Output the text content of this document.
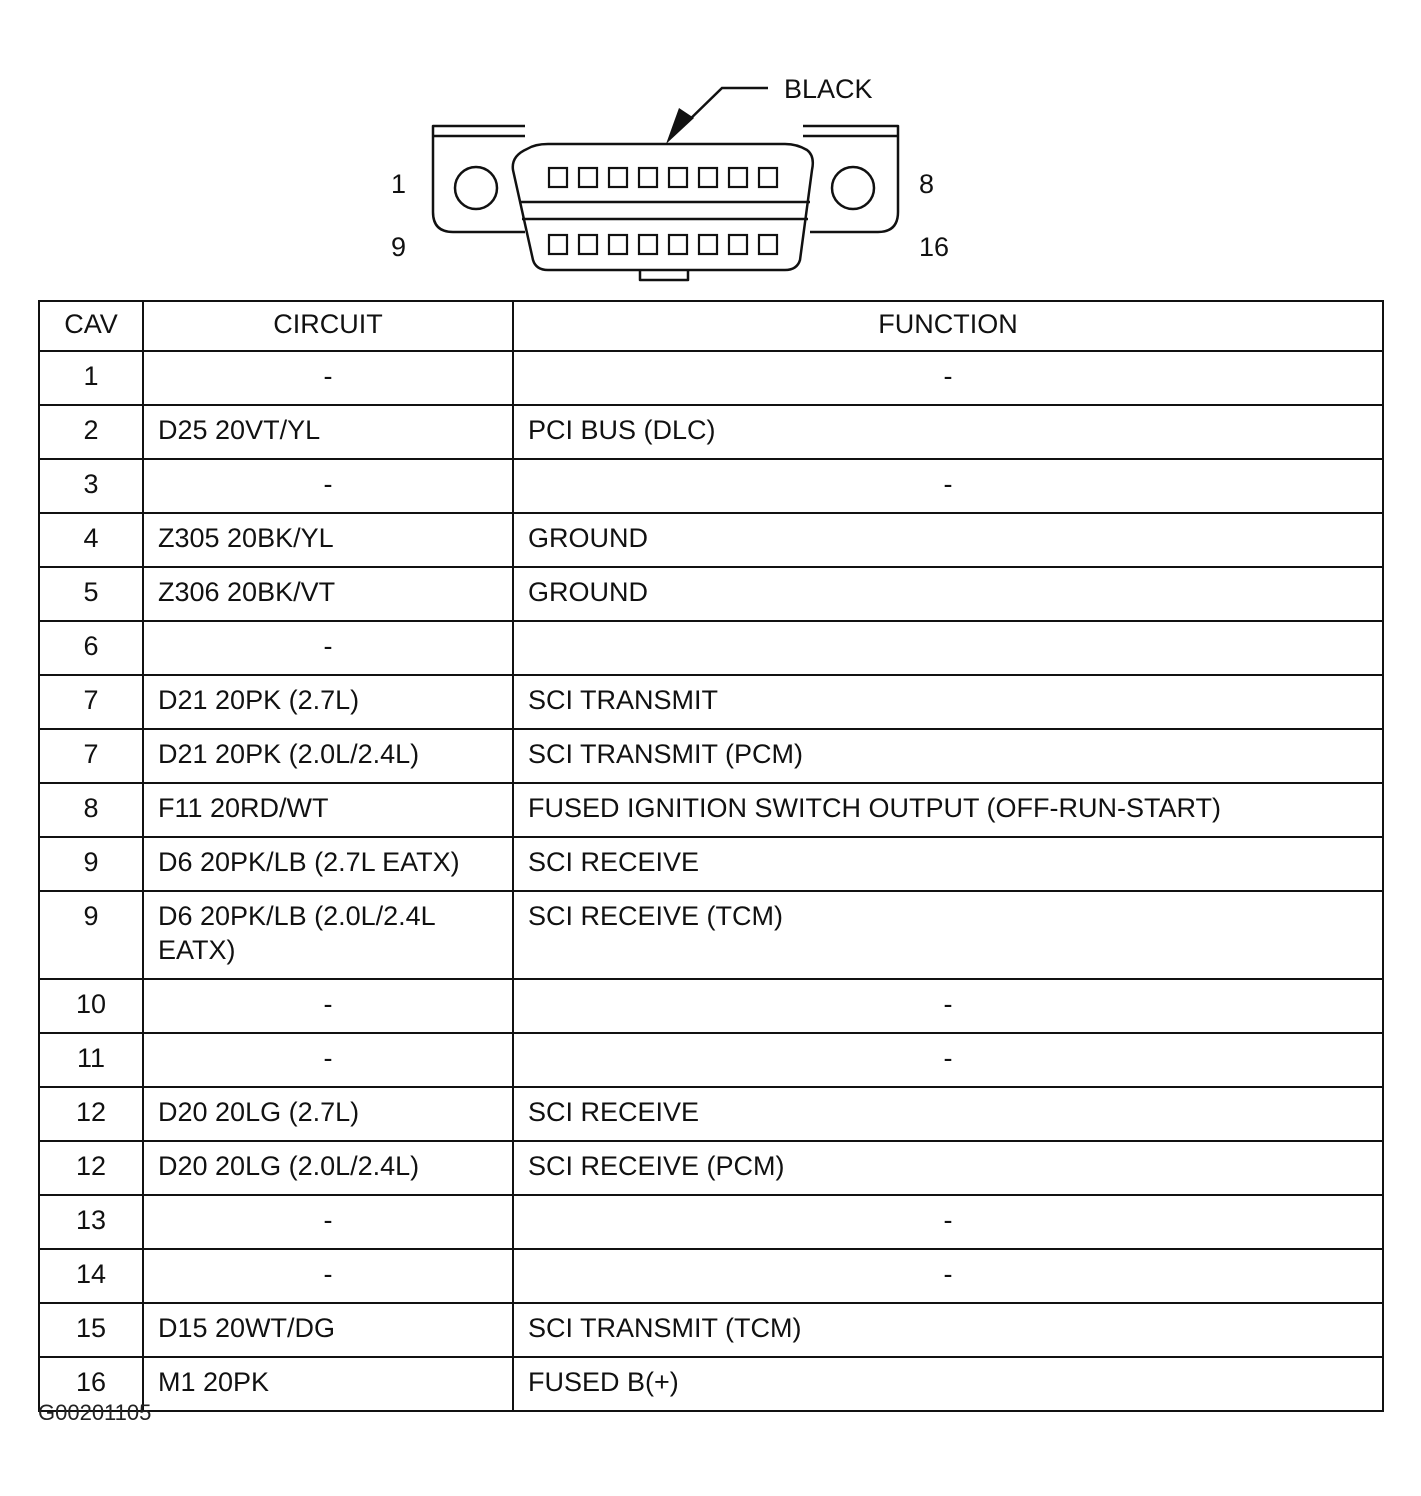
BLACK
1	8
9	16
CAV	CIRCUIT	FUNCTION
1	-	-
2	D25 20VT/YL	PCI BUS (DLC)
3	-	-
4	Z305 20BK/YL	GROUND
5	Z306 20BK/VT	GROUND
6	-	
7	D21 20PK (2.7L)	SCI TRANSMIT
7	D21 20PK (2.0L/2.4L)	SCI TRANSMIT (PCM)
8	F11 20RD/WT	FUSED IGNITION SWITCH OUTPUT (OFF-RUN-START)
9	D6 20PK/LB (2.7L EATX)	SCI RECEIVE
9	D6 20PK/LB (2.0L/2.4L EATX)	SCI RECEIVE (TCM)
10	-	-
11	-	-
12	D20 20LG (2.7L)	SCI RECEIVE
12	D20 20LG (2.0L/2.4L)	SCI RECEIVE (PCM)
13	-	-
14	-	-
15	D15 20WT/DG	SCI TRANSMIT (TCM)
16	M1 20PK	FUSED B(+)
G00201105
